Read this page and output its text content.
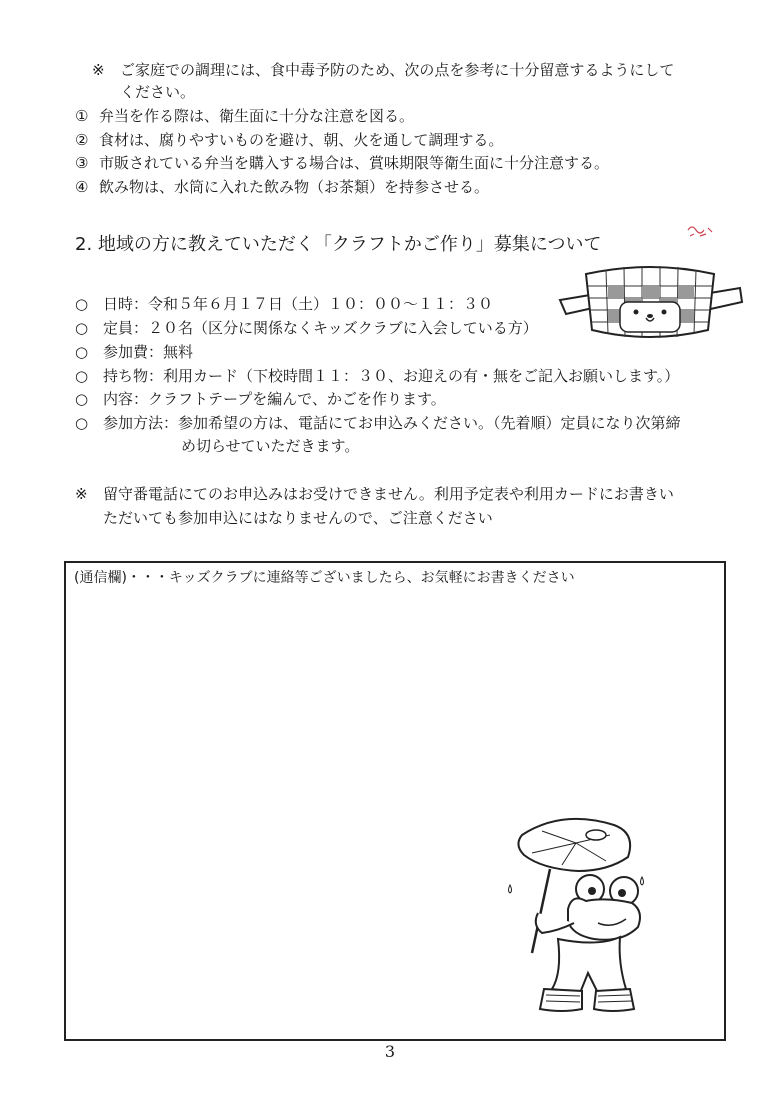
※ ご家庭での調理には、食中毒予防のため、次の点を参考に十分留意するようにして
ください。
① 弁当を作る際は、衛生面に十分な注意を図る。
② 食材は、腐りやすいものを避け、朝、火を通して調理する。
③ 市販されている弁当を購入する場合は、賞味期限等衛生面に十分注意する。
④ 飲み物は、水筒に入れた飲み物（お茶類）を持参させる。
2. 地域の方に教えていただく「クラフトかご作り」募集について
○ 日時：令和５年６月１７日（土）１０：００～１１：３０
○ 定員：２０名（区分に関係なくキッズクラブに入会している方）
○ 参加費：無料
○ 持ち物：利用カード（下校時間１１：３０、お迎えの有・無をご記入お願いします。）
○ 内容：クラフトテープを編んで、かごを作ります。
○ 参加方法：参加希望の方は、電話にてお申込みください。（先着順）定員になり次第締
め切らせていただきます。
※ 留守番電話にてのお申込みはお受けできません。利用予定表や利用カードにお書きい
ただいても参加申込にはなりませんので、ご注意ください
(通信欄)・・・キッズクラブに連絡等ございましたら、お気軽にお書きください
3
